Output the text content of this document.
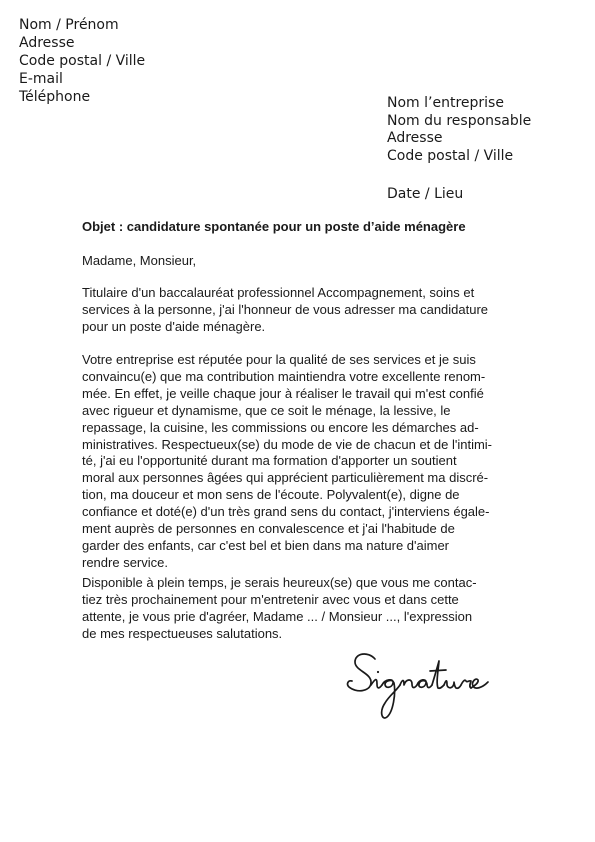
Nom / Prénom
Adresse
Code postal / Ville
E-mail
Téléphone	Nom l’entreprise
Nom du responsable
Adresse
Code postal / Ville
Date / Lieu
Objet : candidature spontanée pour un poste d’aide ménagère
Madame, Monsieur,
Titulaire d'un baccalauréat professionnel Accompagnement, soins et
services à la personne, j'ai l'honneur de vous adresser ma candidature
pour un poste d'aide ménagère.
Votre entreprise est réputée pour la qualité de ses services et je suis
convaincu(e) que ma contribution maintiendra votre excellente renom-
mée. En effet, je veille chaque jour à réaliser le travail qui m'est confié
avec rigueur et dynamisme, que ce soit le ménage, la lessive, le
repassage, la cuisine, les commissions ou encore les démarches ad-
ministratives. Respectueux(se) du mode de vie de chacun et de l'intimi-
té, j'ai eu l'opportunité durant ma formation d'apporter un soutient
moral aux personnes âgées qui apprécient particulièrement ma discré-
tion, ma douceur et mon sens de l'écoute. Polyvalent(e), digne de
confiance et doté(e) d'un très grand sens du contact, j'interviens égale-
ment auprès de personnes en convalescence et j'ai l'habitude de
garder des enfants, car c'est bel et bien dans ma nature d'aimer
rendre service.
Disponible à plein temps, je serais heureux(se) que vous me contac-
tiez très prochainement pour m'entretenir avec vous et dans cette
attente, je vous prie d'agréer, Madame ... / Monsieur ..., l'expression
de mes respectueuses salutations.
